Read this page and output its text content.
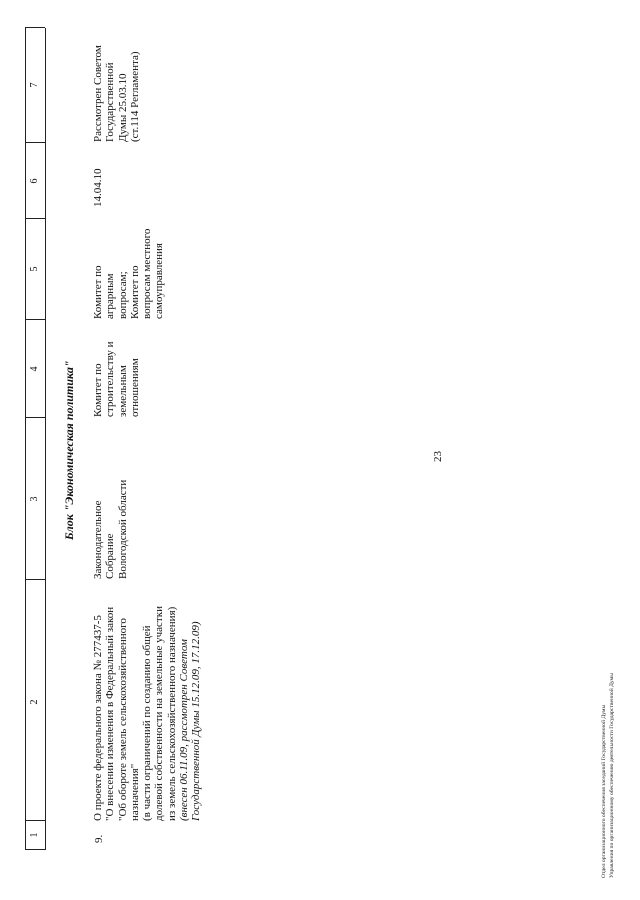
23
1
2
3
4
5
6
7
Блок "Экономическая политика"
9.
О проекте федерального закона № 277437-5 "О внесении изменения в Федеральный закон "Об обороте земель сельскохозяйственного назначения" (в части ограничений по созданию общей долевой собственности на земельные участки из земель сельскохозяйственного назначения) (внесен 06.11.09, рассмотрен Советом Государственной Думы 15.12.09, 17.12.09)
Законодательное Собрание Вологодской области
Комитет по строительству и земельным отношениям
Комитет по аграрным вопросам; Комитет по вопросам местного самоуправления
14.04.10
Рассмотрен Советом Государственной Думы 25.03.10 (ст.114 Регламента)
Отдел организационного обеспечения заседаний Государственной Думы Управления по организационному обеспечению деятельности Государственной Думы
